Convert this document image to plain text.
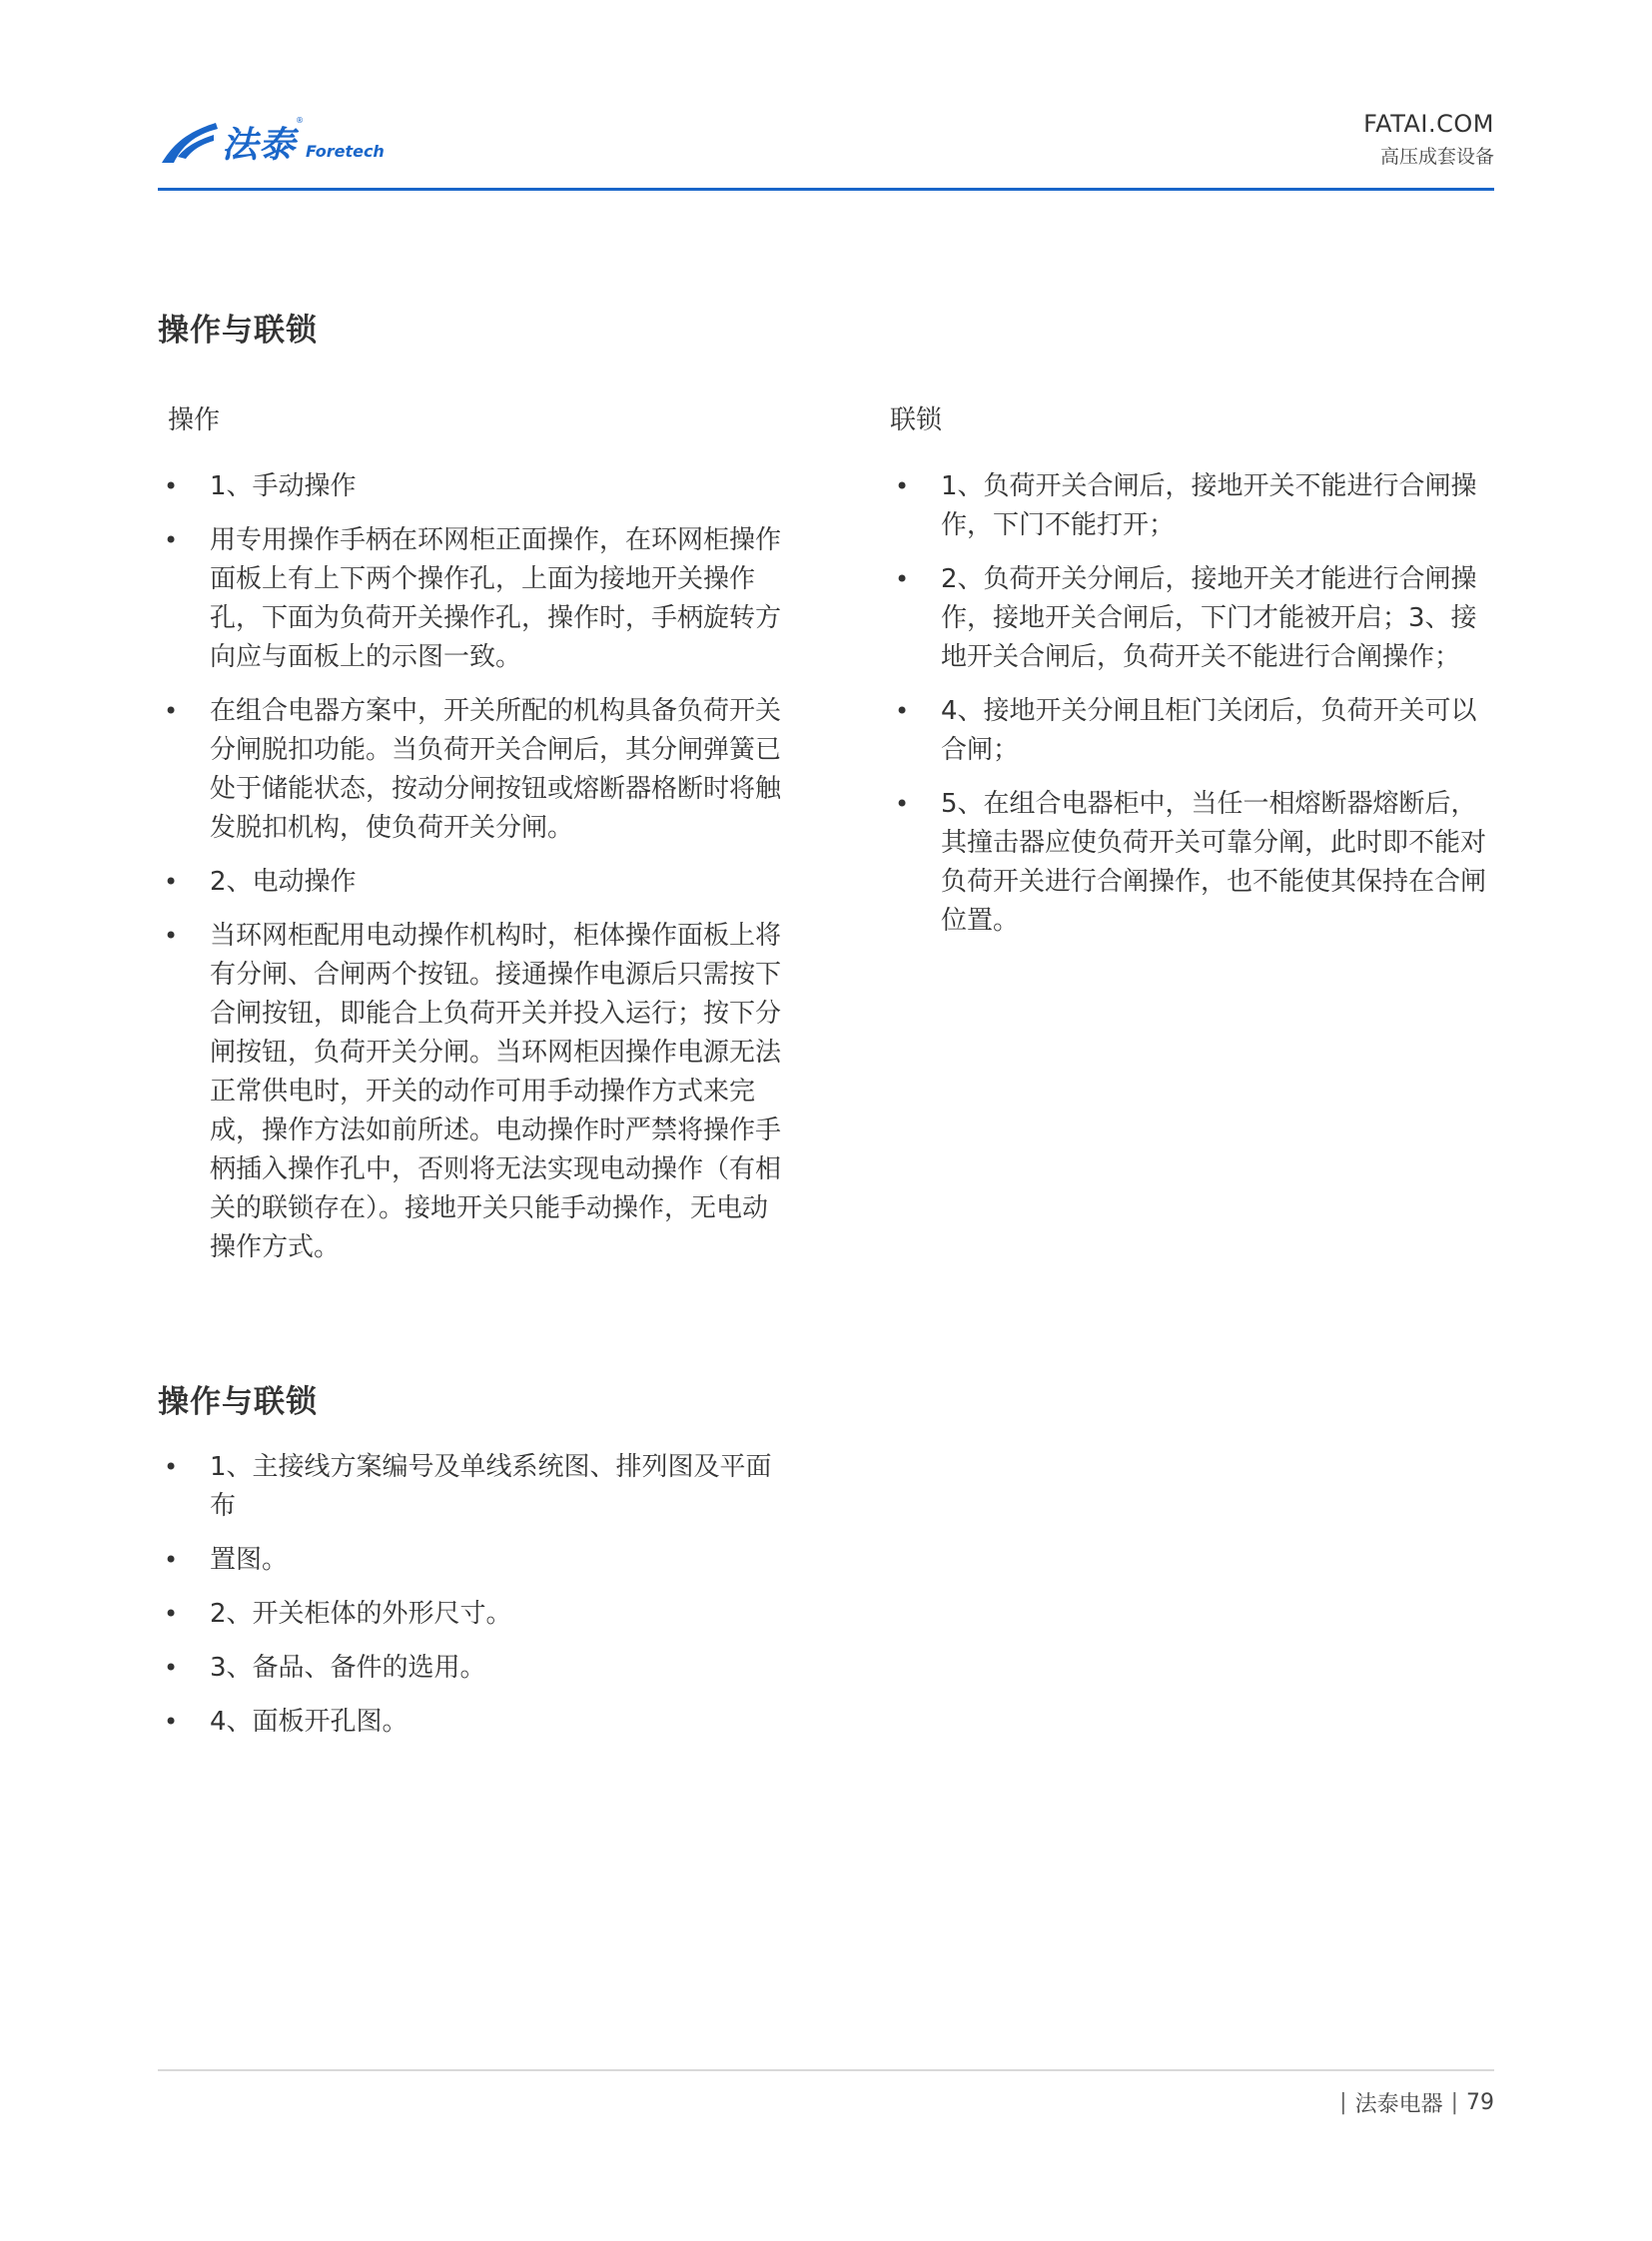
法泰
®
Foretech
FATAI.COM
高压成套设备
操作与联锁
操作	联锁
• 1、手动操作
• 用专用操作手柄在环网柜正面操作，在环网柜操作面板上有上下两个操作孔，上面为接地开关操作孔，下面为负荷开关操作孔，操作时，手柄旋转方向应与面板上的示图一致。
• 在组合电器方案中，开关所配的机构具备负荷开关分闸脱扣功能。当负荷开关合闸后，其分闸弹簧已处于储能状态，按动分闸按钮或熔断器格断时将触发脱扣机构，使负荷开关分闸。
• 2、电动操作
• 当环网柜配用电动操作机构时，柜体操作面板上将有分闸、合闸两个按钮。接通操作电源后只需按下合闸按钮，即能合上负荷开关并投入运行；按下分闸按钮，负荷开关分闸。当环网柜因操作电源无法正常供电时，开关的动作可用手动操作方式来完成，操作方法如前所述。电动操作时严禁将操作手柄插入操作孔中，否则将无法实现电动操作（有相关的联锁存在）。接地开关只能手动操作，无电动操作方式。
• 1、负荷开关合闸后，接地开关不能进行合闸操作，下门不能打开；
• 2、负荷开关分闸后，接地开关才能进行合闸操作，接地开关合闸后，下门才能被开启；3、接地开关合闸后，负荷开关不能进行合阐操作；
• 4、接地开关分闸且柜门关闭后，负荷开关可以合闸；
• 5、在组合电器柜中，当任一相熔断器熔断后，其撞击器应使负荷开关可靠分阐，此时即不能对负荷开关进行合阐操作，也不能使其保持在合闸位置。
操作与联锁
• 1、主接线方案编号及单线系统图、排列图及平面布
• 置图。
• 2、开关柜体的外形尺寸。
• 3、备品、备件的选用。
• 4、面板开孔图。
| 法泰电器 | 79
